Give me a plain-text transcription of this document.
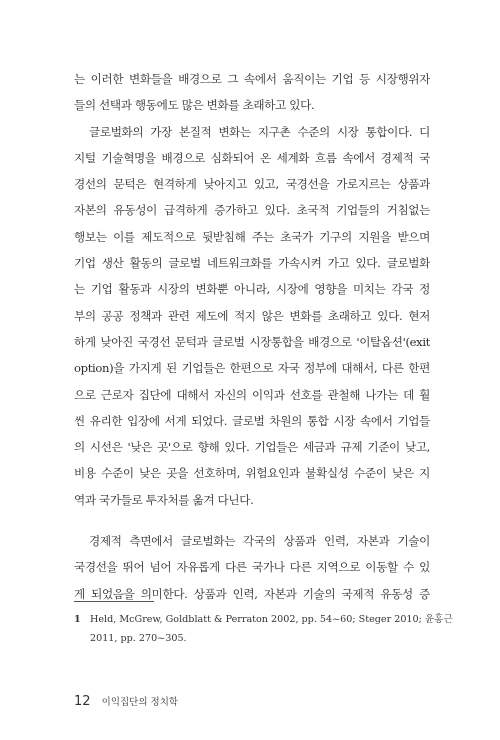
는 이러한 변화들을 배경으로 그 속에서 움직이는 기업 등 시장행위자
들의 선택과 행동에도 많은 변화를 초래하고 있다.
글로벌화의 가장 본질적 변화는 지구촌 수준의 시장 통합이다. 디
지털 기술혁명을 배경으로 심화되어 온 세계화 흐름 속에서 경제적 국
경선의 문턱은 현격하게 낮아지고 있고, 국경선을 가로지르는 상품과
자본의 유동성이 급격하게 증가하고 있다. 초국적 기업들의 거침없는
행보는 이를 제도적으로 뒷받침해 주는 초국가 기구의 지원을 받으며
기업 생산 활동의 글로벌 네트워크화를 가속시켜 가고 있다. 글로벌화
는 기업 활동과 시장의 변화뿐 아니라, 시장에 영향을 미치는 각국 정
부의 공공 정책과 관련 제도에 적지 않은 변화를 초래하고 있다. 현저
하게 낮아진 국경선 문턱과 글로벌 시장통합을 배경으로 '이탈옵션'(exit
option)을 가지게 된 기업들은 한편으로 자국 정부에 대해서, 다른 한편
으로 근로자 집단에 대해서 자신의 이익과 선호를 관철해 나가는 데 훨
씬 유리한 입장에 서게 되었다. 글로벌 차원의 통합 시장 속에서 기업들
의 시선은 '낮은 곳'으로 향해 있다. 기업들은 세금과 규제 기준이 낮고,
비용 수준이 낮은 곳을 선호하며, 위험요인과 불확실성 수준이 낮은 지
역과 국가들로 투자처를 옮겨 다닌다.
경제적 측면에서 글로벌화는 각국의 상품과 인력, 자본과 기술이
국경선을 뛰어 넘어 자유롭게 다른 국가나 다른 지역으로 이동할 수 있
게 되었음을 의미한다. 상품과 인력, 자본과 기술의 국제적 유동성 증
1 Held, McGrew, Goldblatt & Perraton 2002, pp. 54~60; Steger 2010; 윤홍근
2011, pp. 270~305.
12 이익집단의 정치학
